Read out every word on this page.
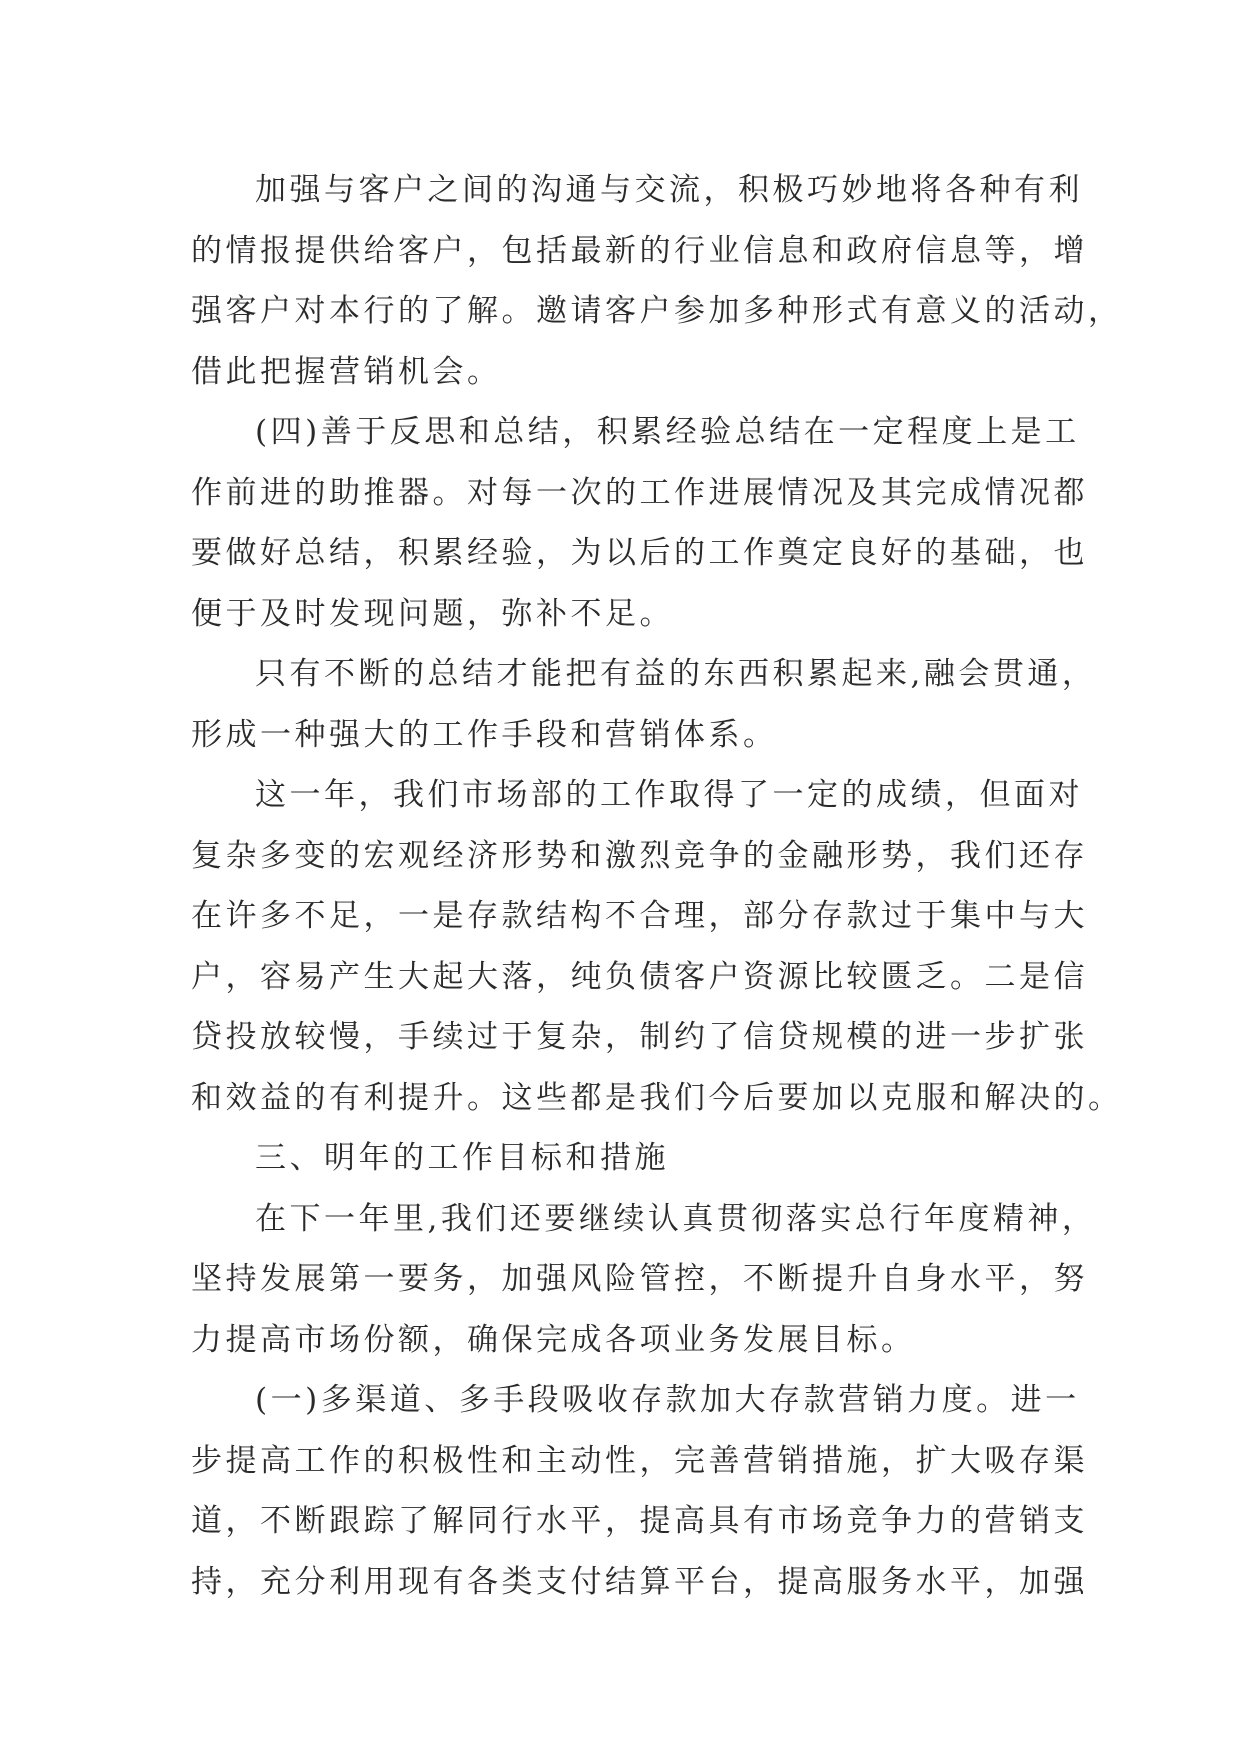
加强与客户之间的沟通与交流，积极巧妙地将各种有利
的情报提供给客户，包括最新的行业信息和政府信息等，增
强客户对本行的了解。邀请客户参加多种形式有意义的活动，
借此把握营销机会。
(四)善于反思和总结，积累经验总结在一定程度上是工
作前进的助推器。对每一次的工作进展情况及其完成情况都
要做好总结，积累经验，为以后的工作奠定良好的基础，也
便于及时发现问题，弥补不足。
只有不断的总结才能把有益的东西积累起来,融会贯通，
形成一种强大的工作手段和营销体系。
这一年，我们市场部的工作取得了一定的成绩，但面对
复杂多变的宏观经济形势和激烈竞争的金融形势，我们还存
在许多不足，一是存款结构不合理，部分存款过于集中与大
户，容易产生大起大落，纯负债客户资源比较匮乏。二是信
贷投放较慢，手续过于复杂，制约了信贷规模的进一步扩张
和效益的有利提升。这些都是我们今后要加以克服和解决的。
三、明年的工作目标和措施
在下一年里,我们还要继续认真贯彻落实总行年度精神，
坚持发展第一要务，加强风险管控，不断提升自身水平，努
力提高市场份额，确保完成各项业务发展目标。
(一)多渠道、多手段吸收存款加大存款营销力度。进一
步提高工作的积极性和主动性，完善营销措施，扩大吸存渠
道，不断跟踪了解同行水平，提高具有市场竞争力的营销支
持，充分利用现有各类支付结算平台，提高服务水平，加强
